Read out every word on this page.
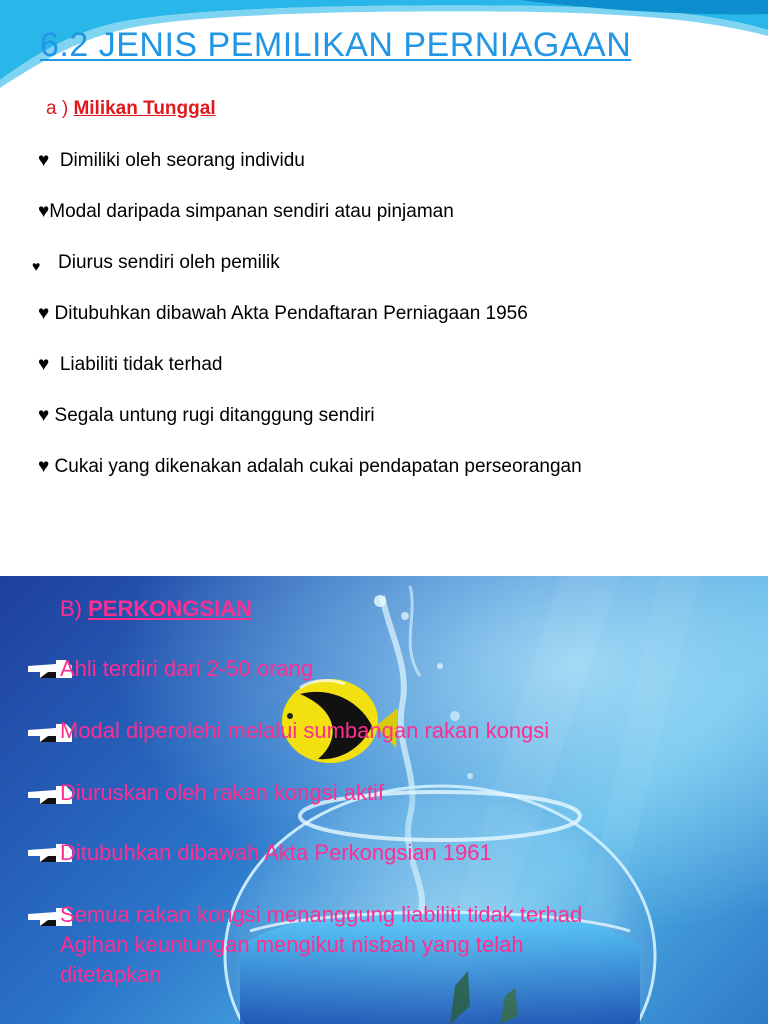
6.2 JENIS PEMILIKAN PERNIAGAAN
a ) Milikan Tunggal
♥  Dimiliki oleh seorang individu
♥Modal daripada simpanan sendiri atau pinjaman
♥ Diurus sendiri oleh pemilik
♥ Ditubuhkan dibawah Akta Pendaftaran Perniagaan 1956
♥  Liabiliti tidak terhad
♥ Segala untung rugi ditanggung sendiri
♥ Cukai yang dikenakan adalah cukai pendapatan perseorangan
B) PERKONGSIAN
Ahli terdiri dari 2-50 orang
Modal diperolehi melalui sumbangan rakan kongsi
Diuruskan oleh rakan kongsi aktif
Ditubuhkan dibawah Akta Perkongsian 1961
Semua rakan kongsi menanggung liabiliti tidak terhad
Agihan keuntungan mengikut nisbah yang telah
ditetapkan
